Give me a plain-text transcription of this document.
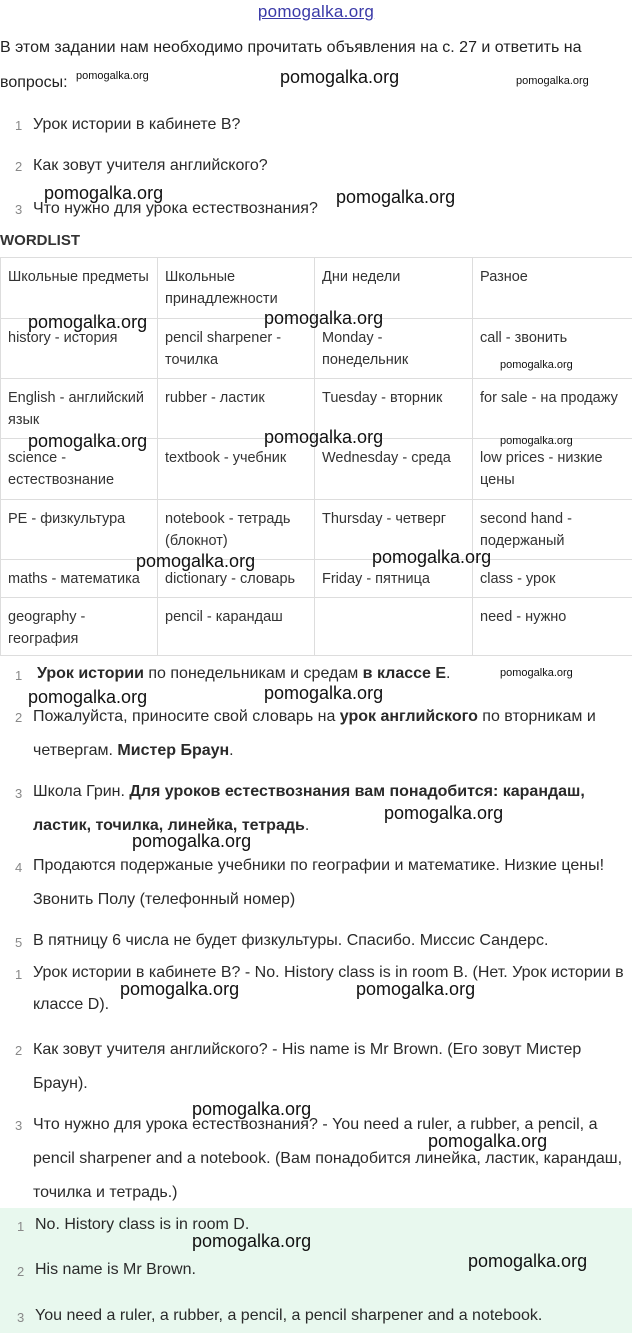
pomogalka.org
В этом задании нам необходимо прочитать объявления на с. 27 и ответить на вопросы:
1 Урок истории в кабинете В?
2 Как зовут учителя английского?
3 Что нужно для урока естествознания?
WORDLIST
Школьные предметы	Школьные принадлежности	Дни недели	Разное
history - история	pencil sharpener - точилка	Monday - понедельник	call - звонить
English - английский язык	rubber - ластик	Tuesday - вторник	for sale - на продажу
science - естествознание	textbook - учебник	Wednesday - среда	low prices - низкие цены
PE - физкультура	notebook - тетрадь (блокнот)	Thursday - четверг	second hand - подержаный
maths - математика	dictionary - словарь	Friday - пятница	class - урок
geography - география	pencil - карандаш		need - нужно
1 Урок истории по понедельникам и средам в классе Е.
2 Пожалуйста, приносите свой словарь на урок английского по вторникам и четвергам. Мистер Браун.
3 Школа Грин. Для уроков естествознания вам понадобится: карандаш, ластик, точилка, линейка, тетрадь.
4 Продаются подержаные учебники по географии и математике. Низкие цены! Звонить Полу (телефонный номер)
5 В пятницу 6 числа не будет физкультуры. Спасибо. Миссис Сандерс.
1 Урок истории в кабинете В? - No. History class is in room B. (Нет. Урок истории в классе D).
2 Как зовут учителя английского? - His name is Mr Brown. (Его зовут Мистер Браун).
3 Что нужно для урока естествознания? - You need a ruler, a rubber, a pencil, a pencil sharpener and a notebook. (Вам понадобится линейка, ластик, карандаш, точилка и тетрадь.)
1 No. History class is in room D.
2 His name is Mr Brown.
3 You need a ruler, a rubber, a pencil, a pencil sharpener and a notebook.
pomogalka.org	pomogalka.org	pomogalka.org
pomogalka.org	pomogalka.org
pomogalka.org	pomogalka.org
pomogalka.org
pomogalka.org	pomogalka.org	pomogalka.org
pomogalka.org	pomogalka.org
pomogalka.org
pomogalka.org	pomogalka.org
pomogalka.org
pomogalka.org
pomogalka.org	pomogalka.org
pomogalka.org
pomogalka.org
pomogalka.org
pomogalka.org
